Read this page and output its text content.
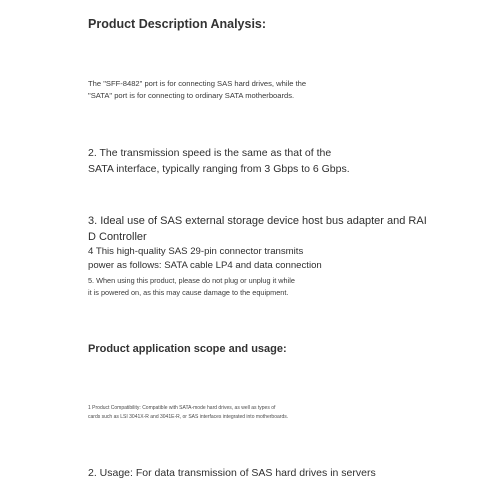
Product Description Analysis:

The "SFF-8482" port is for connecting SAS hard drives, while the
"SATA" port is for connecting to ordinary SATA motherboards.

2. The transmission speed is the same as that of the
SATA interface, typically ranging from 3 Gbps to 6 Gbps.

3. Ideal use of SAS external storage device host bus adapter and RAI
D Controller

4 This high-quality SAS 29-pin connector transmits
power as follows: SATA cable LP4 and data connection

5. When using this product, please do not plug or unplug it while
it is powered on, as this may cause damage to the equipment.

Product application scope and usage:

1 Product Compatibility: Compatible with SATA-mode hard drives, as well as types of
cards such as LSI 3041X-R and 3041E-R, or SAS interfaces integrated into motherboards.

2. Usage: For data transmission of SAS hard drives in servers
